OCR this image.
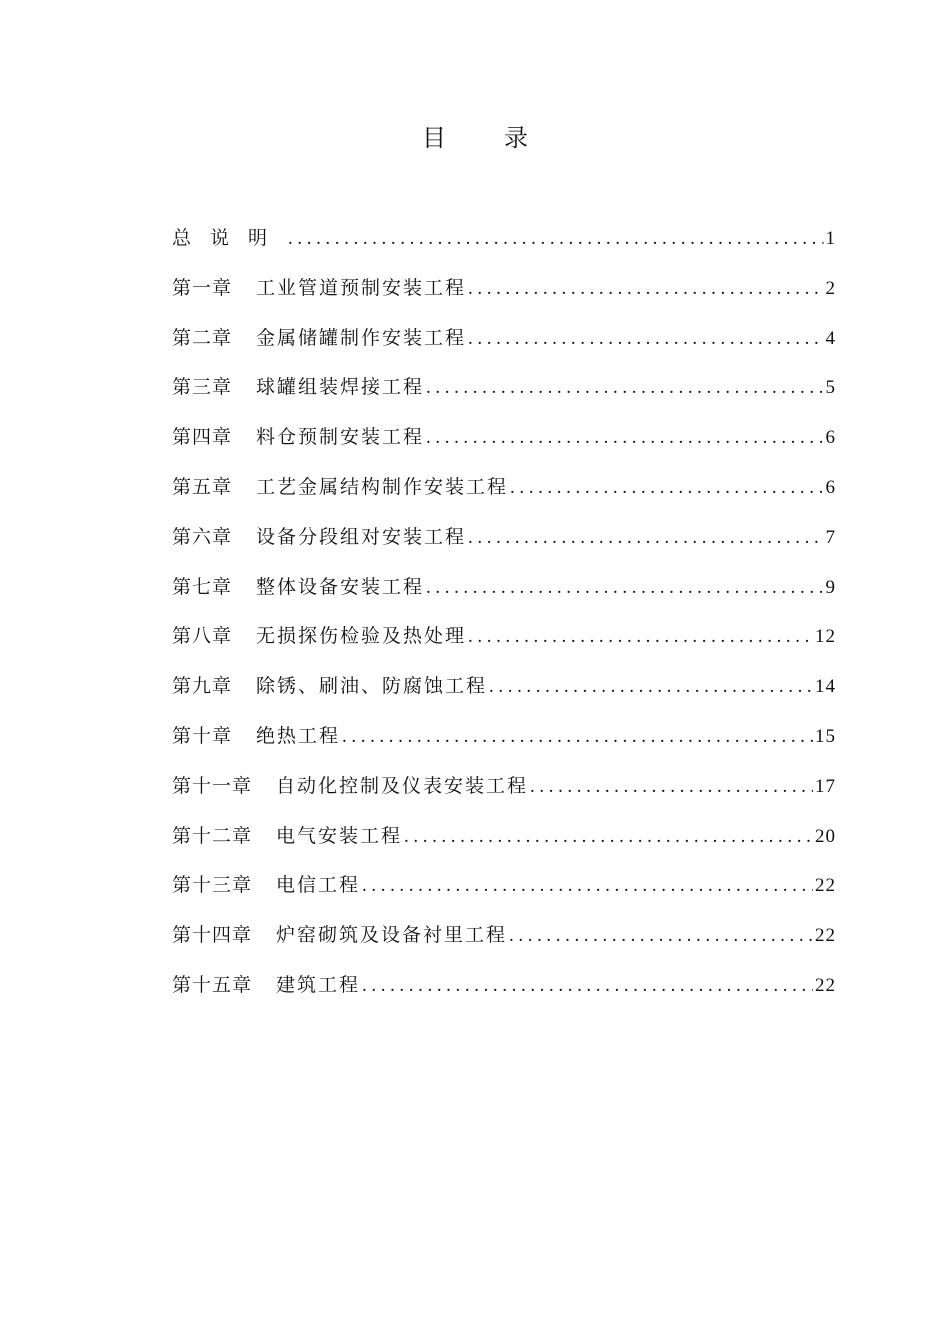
目录
总说明 .....	1
第一章 工业管道预制安装工程 .....	2
第二章 金属储罐制作安装工程 .....	4
第三章 球罐组装焊接工程 .....	5
第四章 料仓预制安装工程 .....	6
第五章 工艺金属结构制作安装工程 .....	6
第六章 设备分段组对安装工程 .....	7
第七章 整体设备安装工程 .....	9
第八章 无损探伤检验及热处理 .....	12
第九章 除锈、刷油、防腐蚀工程 .....	14
第十章 绝热工程 .....	15
第十一章 自动化控制及仪表安装工程 .....	17
第十二章 电气安装工程 .....	20
第十三章 电信工程 .....	22
第十四章 炉窑砌筑及设备衬里工程 .....	22
第十五章 建筑工程 .....	22
